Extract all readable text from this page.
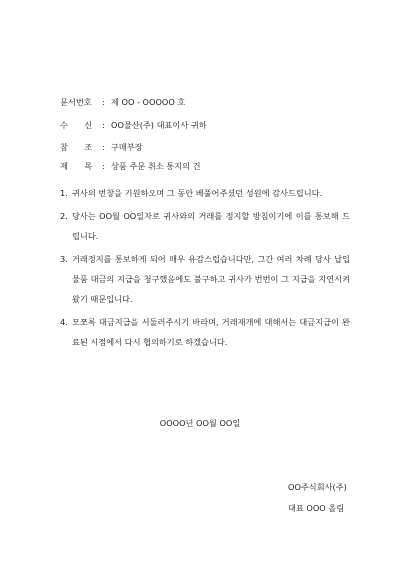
문서번호 : 제 OO - OOOOO 호
수　　신 : OO물산(주) 대표이사 귀하
참　　조 : 구매부장
제　　목 : 상품 주문 취소 통지의 건
1. 귀사의 번창을 기원하오며 그 동안 베풀어주셨던 성원에 감사드립니다.
2. 당사는 OO월 OO일자로 귀사와의 거래를 정지할 방침이기에 이를 통보해 드립니다.
3. 거래정지를 통보하게 되어 매우 유감스럽습니다만, 그간 여러 차례 당사 납입물품 대금의 지급을 청구했음에도 불구하고 귀사가 번번이 그 지급을 지연시켜 왔기 때문입니다.
4. 모쪼록 대금지급을 서둘러주시기 바라며, 거래재개에 대해서는 대금지급이 완료된 시점에서 다시 협의하기로 하겠습니다.
OOOO년 OO월 OO일
OO주식회사(주)
대표 OOO 올림
